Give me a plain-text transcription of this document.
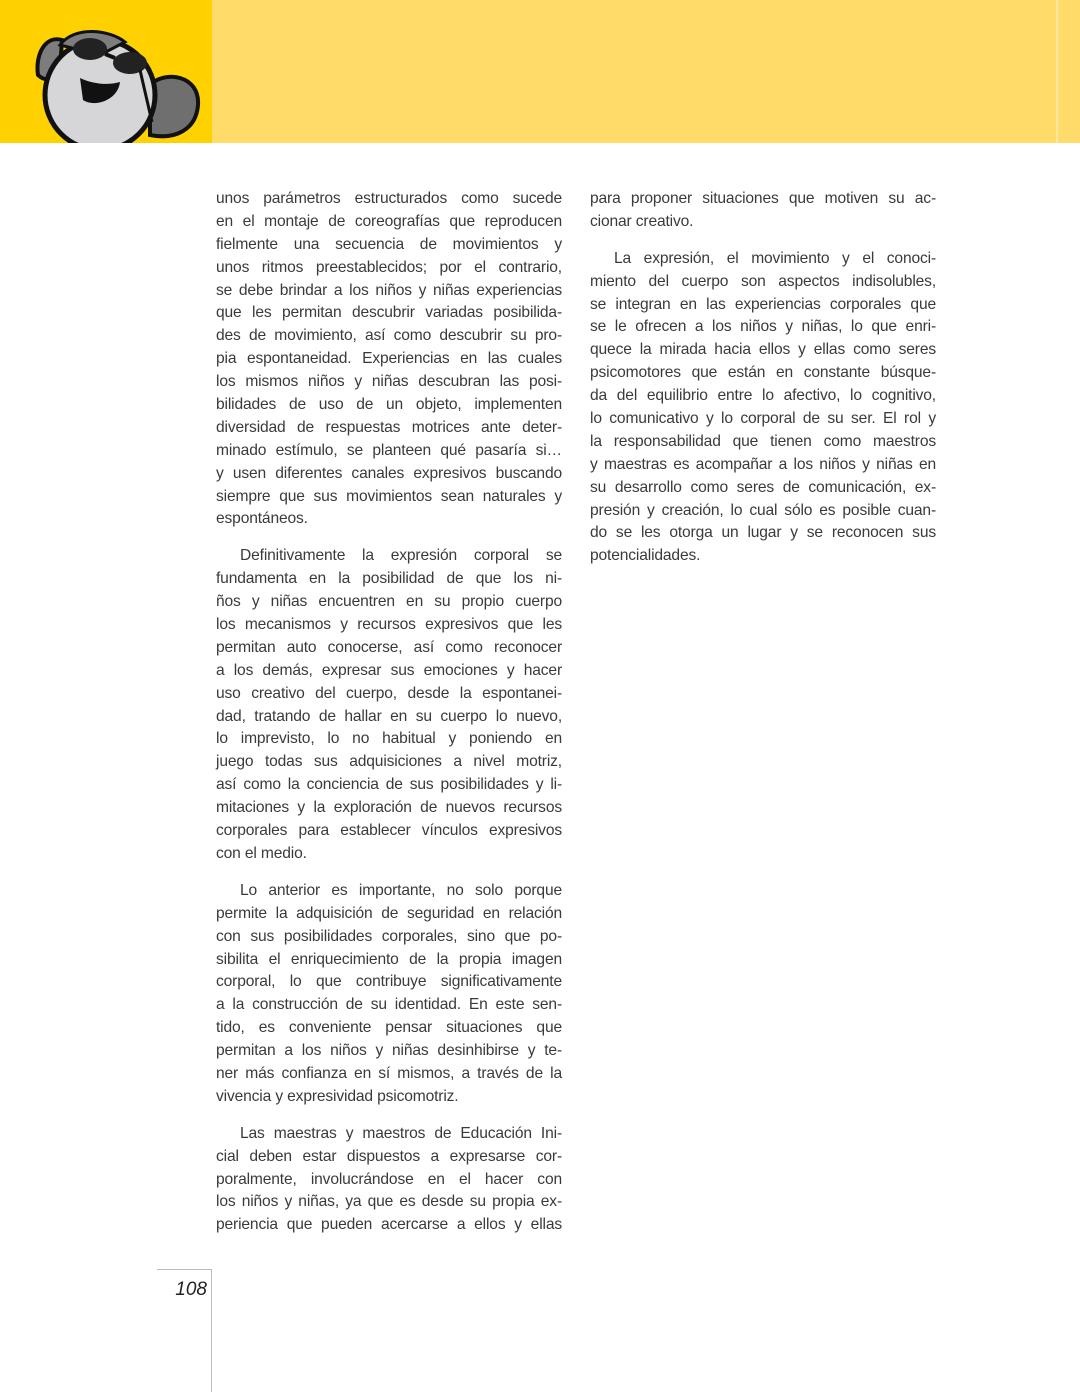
unos parámetros estructurados como sucede
en el montaje de coreografías que reproducen
fielmente una secuencia de movimientos y
unos ritmos preestablecidos; por el contrario,
se debe brindar a los niños y niñas experiencias
que les permitan descubrir variadas posibilida-
des de movimiento, así como descubrir su pro-
pia espontaneidad. Experiencias en las cuales
los mismos niños y niñas descubran las posi-
bilidades de uso de un objeto, implementen
diversidad de respuestas motrices ante deter-
minado estímulo, se planteen qué pasaría si…
y usen diferentes canales expresivos buscando
siempre que sus movimientos sean naturales y
espontáneos.
Definitivamente la expresión corporal se
fundamenta en la posibilidad de que los ni-
ños y niñas encuentren en su propio cuerpo
los mecanismos y recursos expresivos que les
permitan auto conocerse, así como reconocer
a los demás, expresar sus emociones y hacer
uso creativo del cuerpo, desde la espontanei-
dad, tratando de hallar en su cuerpo lo nuevo,
lo imprevisto, lo no habitual y poniendo en
juego todas sus adquisiciones a nivel motriz,
así como la conciencia de sus posibilidades y li-
mitaciones y la exploración de nuevos recursos
corporales para establecer vínculos expresivos
con el medio.
Lo anterior es importante, no solo porque
permite la adquisición de seguridad en relación
con sus posibilidades corporales, sino que po-
sibilita el enriquecimiento de la propia imagen
corporal, lo que contribuye significativamente
a la construcción de su identidad. En este sen-
tido, es conveniente pensar situaciones que
permitan a los niños y niñas desinhibirse y te-
ner más confianza en sí mismos, a través de la
vivencia y expresividad psicomotriz.
Las maestras y maestros de Educación Ini-
cial deben estar dispuestos a expresarse cor-
poralmente, involucrándose en el hacer con
los niños y niñas, ya que es desde su propia ex-
periencia que pueden acercarse a ellos y ellas
para proponer situaciones que motiven su ac-
cionar creativo.
La expresión, el movimiento y el conoci-
miento del cuerpo son aspectos indisolubles,
se integran en las experiencias corporales que
se le ofrecen a los niños y niñas, lo que enri-
quece la mirada hacia ellos y ellas como seres
psicomotores que están en constante búsque-
da del equilibrio entre lo afectivo, lo cognitivo,
lo comunicativo y lo corporal de su ser. El rol y
la responsabilidad que tienen como maestros
y maestras es acompañar a los niños y niñas en
su desarrollo como seres de comunicación, ex-
presión y creación, lo cual sólo es posible cuan-
do se les otorga un lugar y se reconocen sus
potencialidades.
108
